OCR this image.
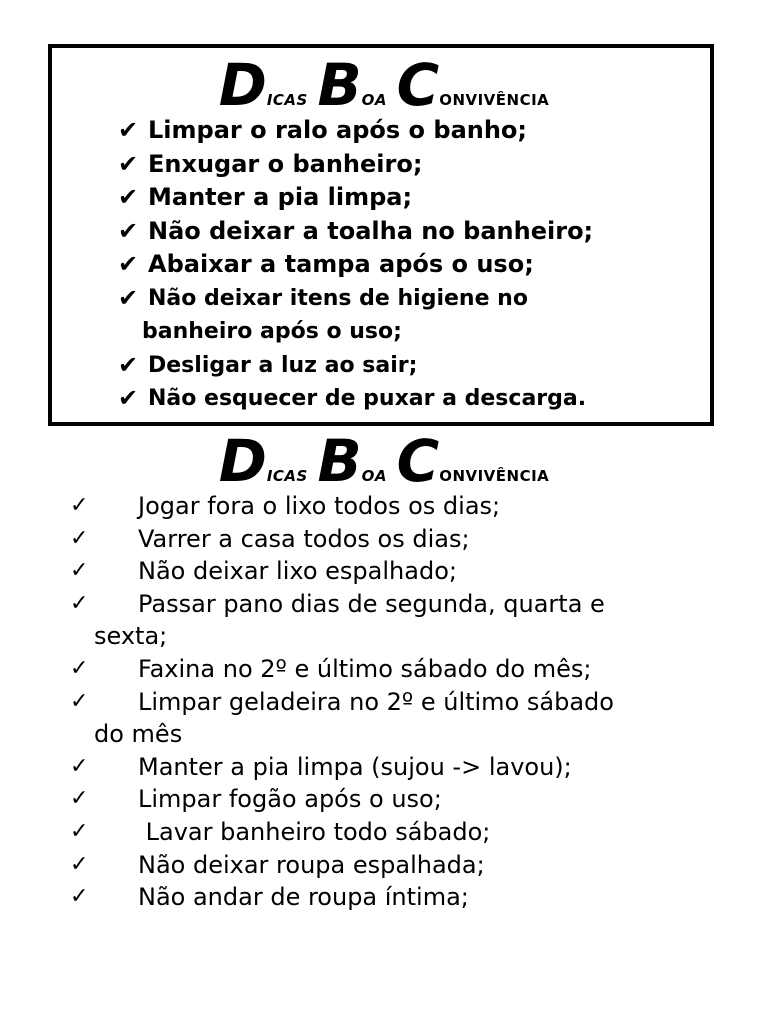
DICAS BOA CONVIVÊNCIA
✔ Limpar o ralo após o banho;
✔ Enxugar o banheiro;
✔ Manter a pia limpa;
✔ Não deixar a toalha no banheiro;
✔ Abaixar a tampa após o uso;
✔ Não deixar itens de higiene no
banheiro após o uso;
✔ Desligar a luz ao sair;
✔ Não esquecer de puxar a descarga.
DICAS BOA CONVIVÊNCIA
✓ Jogar fora o lixo todos os dias;
✓ Varrer a casa todos os dias;
✓ Não deixar lixo espalhado;
✓ Passar pano dias de segunda, quarta e
sexta;
✓ Faxina no 2º e último sábado do mês;
✓ Limpar geladeira no 2º e último sábado
do mês
✓ Manter a pia limpa (sujou -> lavou);
✓ Limpar fogão após o uso;
✓ Lavar banheiro todo sábado;
✓ Não deixar roupa espalhada;
✓ Não andar de roupa íntima;
